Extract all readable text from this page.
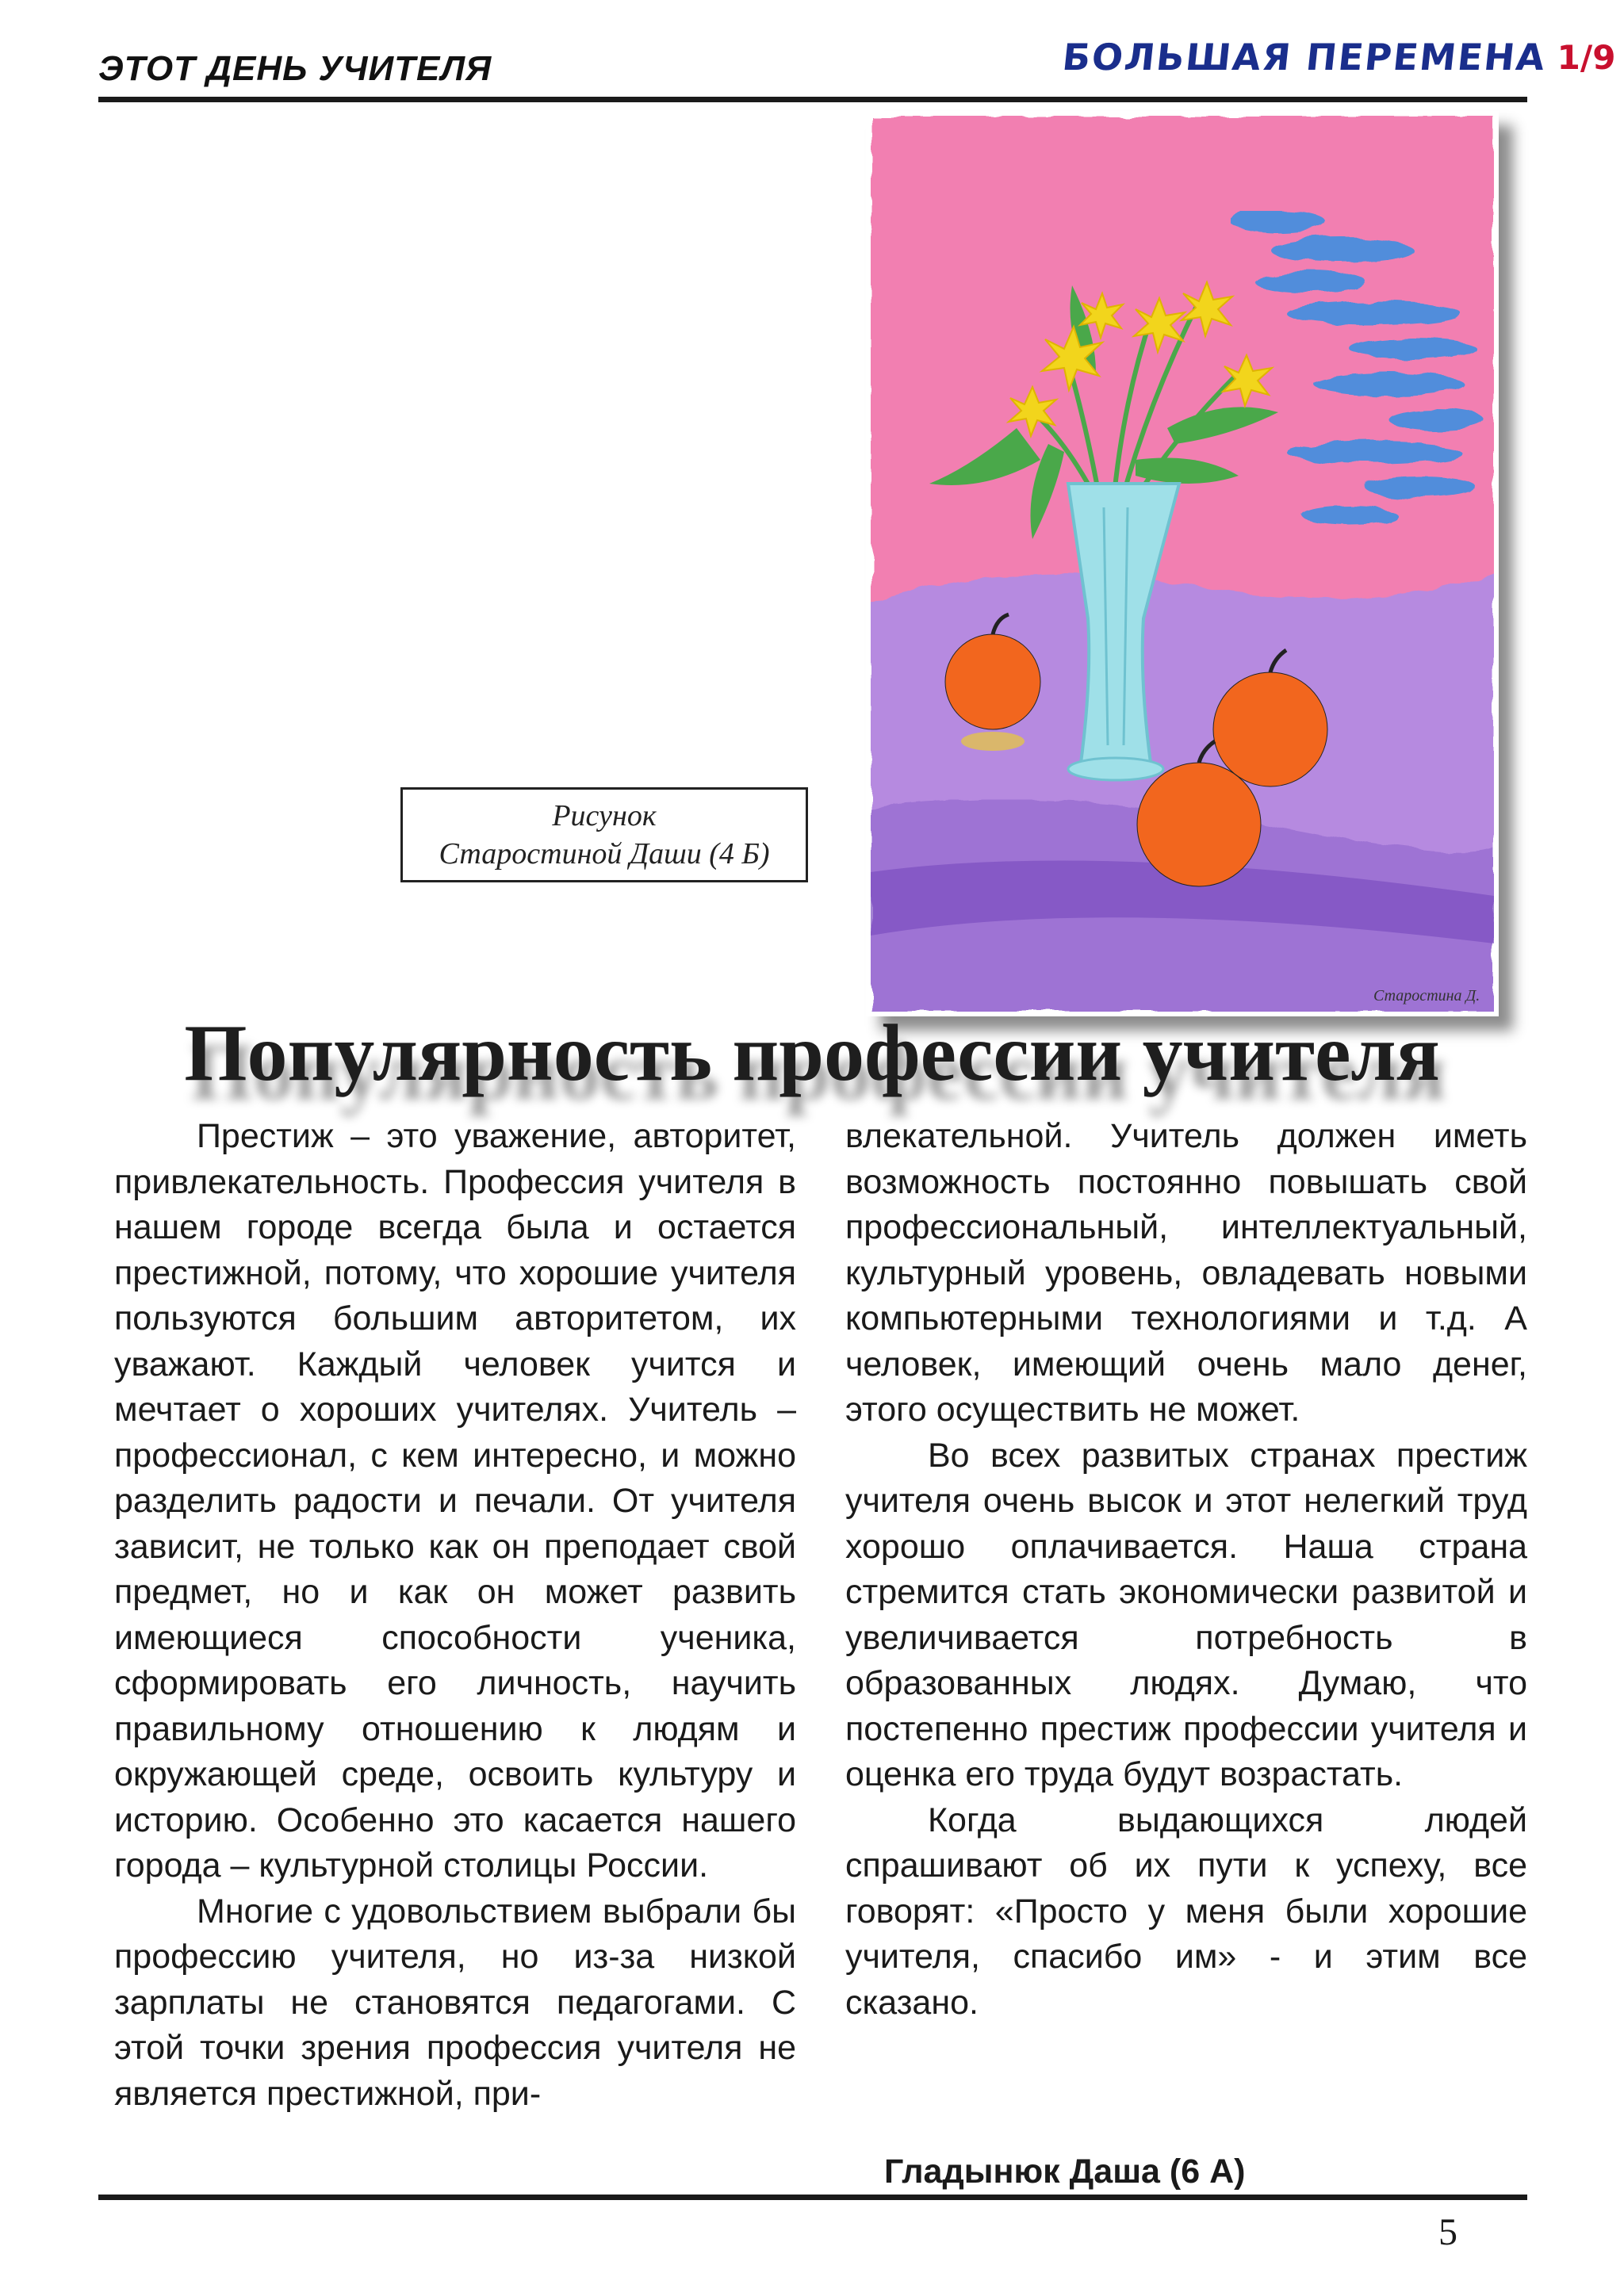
ЭТОТ ДЕНЬ УЧИТЕЛЯ	БОЛЬШАЯ ПЕРЕМЕНА 1/9
Старостина Д.
Рисунок
Старостиной Даши (4 Б)
Популярность профессии учителя

Престиж – это уважение, авторитет, привлекательность. Профессия учителя в нашем городе всегда была и остается престижной, потому, что хорошие учителя пользуются большим авторитетом, их уважают. Каждый человек учится и мечтает о хороших учителях. Учитель – профессионал, с кем интересно, и можно разделить радости и печали. От учителя зависит, не только как он преподает свой предмет, но и как он может развить имеющиеся способности ученика, сформировать его личность, научить правильному отношению к людям и окружающей среде, освоить культуру и историю. Особенно это касается нашего города – культурной столицы России.

Многие с удовольствием выбрали бы профессию учителя, но из-за низкой зарплаты не становятся педагогами. С этой точки зрения профессия учителя не является престижной, при-

влекательной. Учитель должен иметь возможность постоянно повышать свой профессиональный, интеллектуальный, культурный уровень, овладевать новыми компьютерными технологиями и т.д. А человек, имеющий очень мало денег, этого осуществить не может.

Во всех развитых странах престиж учителя очень высок и этот нелегкий труд хорошо оплачивается. Наша страна стремится стать экономически развитой и увеличивается потребность в образованных людях. Думаю, что постепенно престиж профессии учителя и оценка его труда будут возрастать.

Когда выдающихся людей спрашивают об их пути к успеху, все говорят: «Просто у меня были хорошие учителя, спасибо им» - и этим все сказано.

Гладынюк Даша (6 А)
5
